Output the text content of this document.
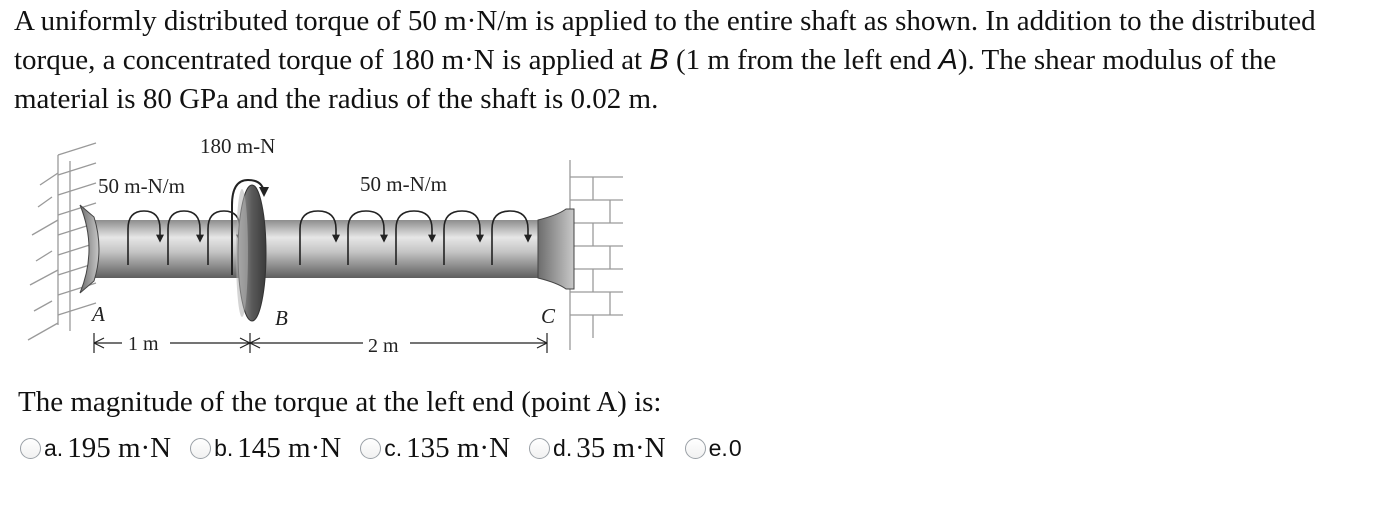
A uniformly distributed torque of 50 m·N/m is applied to the entire shaft as shown. In addition to the distributed torque, a concentrated torque of 180 m·N is applied at B (1 m from the left end A). The shear modulus of the material is 80 GPa and the radius of the shaft is 0.02 m.

180 m-N
50 m-N/m	50 m-N/m
A	B	C
1 m	2 m

The magnitude of the torque at the left end (point A) is:

a. 195 m·N b. 145 m·N c. 135 m·N d. 35 m·N e. 0
